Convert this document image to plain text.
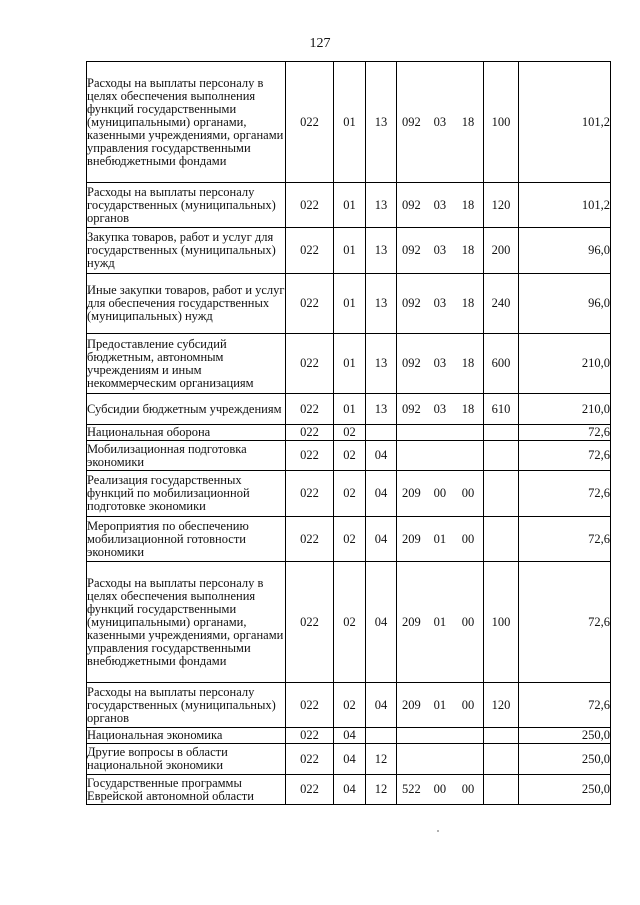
127
Расходы на выплаты персоналу в целях обеспечения выполнения функций государственными (муниципальными) органами, казенными учреждениями, органами управления государственными внебюджетными фондами	022	01	13	092 03 18	100	101,2
Расходы на выплаты персоналу государственных (муниципальных) органов	022	01	13	092 03 18	120	101,2
Закупка товаров, работ и услуг для государственных (муниципальных) нужд	022	01	13	092 03 18	200	96,0
Иные закупки товаров, работ и услуг для обеспечения государственных (муниципальных) нужд	022	01	13	092 03 18	240	96,0
Предоставление субсидий бюджетным, автономным учреждениям и иным некоммерческим организациям	022	01	13	092 03 18	600	210,0
Субсидии бюджетным учреждениям	022	01	13	092 03 18	610	210,0
Национальная оборона	022	02				72,6
Мобилизационная подготовка экономики	022	02	04			72,6
Реализация государственных функций по мобилизационной подготовке экономики	022	02	04	209 00 00		72,6
Мероприятия по обеспечению мобилизационной готовности экономики	022	02	04	209 01 00		72,6
Расходы на выплаты персоналу в целях обеспечения выполнения функций государственными (муниципальными) органами, казенными учреждениями, органами управления государственными внебюджетными фондами	022	02	04	209 01 00	100	72,6
Расходы на выплаты персоналу государственных (муниципальных) органов	022	02	04	209 01 00	120	72,6
Национальная экономика	022	04				250,0
Другие вопросы в области национальной экономики	022	04	12			250,0
Государственные программы Еврейской автономной области	022	04	12	522 00 00		250,0
